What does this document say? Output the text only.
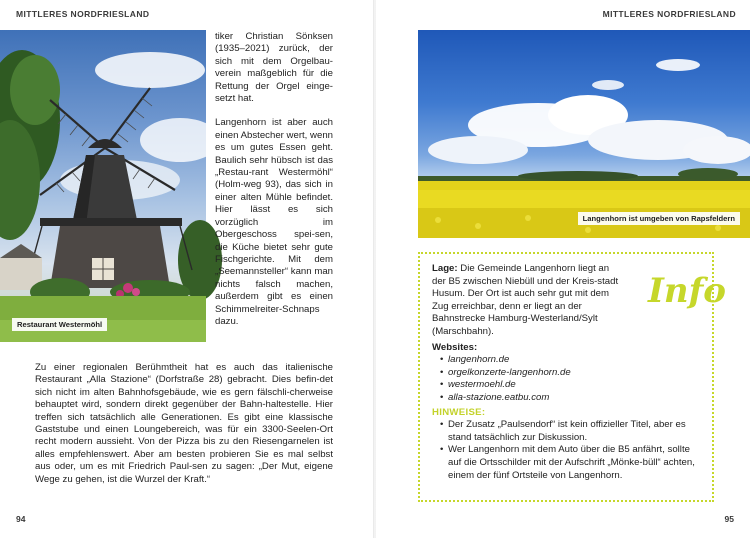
MITTLERES NORDFRIESLAND
Restaurant Westermöhl

tiker Christian Sönksen (1935–2021) zurück, der sich mit dem Orgelbau-verein maßgeblich für die Rettung der Orgel einge-setzt hat.

Langenhorn ist aber auch einen Abstecher wert, wenn es um gutes Essen geht. Baulich sehr hübsch ist das „Restau-rant Westermöhl“ (Holm-weg 93), das sich in einer alten Mühle befindet. Hier lässt es sich vorzüglich im Obergeschoss spei-sen, die Küche bietet sehr gute Fischgerichte. Mit dem „Seemannsteller“ kann man nichts falsch machen, außerdem gibt es einen Schimmelreiter-Schnaps dazu.

Zu einer regionalen Berühmtheit hat es auch das italienische Restaurant „Alla Stazione“ (Dorfstraße 28) gebracht. Dies befin-det sich nicht im alten Bahnhofsgebäude, wie es gern fälschli-cherweise behauptet wird, sondern direkt gegenüber der Bahn-haltestelle. Hier treffen sich tatsächlich alle Generationen. Es gibt eine klassische Gaststube und einen Loungebereich, was für ein 3300-Seelen-Ort recht modern aussieht. Von der Pizza bis zu den Riesengarnelen ist alles empfehlenswert. Aber am besten probieren Sie es mal selbst aus oder, um es mit Friedrich Paul-sen zu sagen: „Der Mut, eigene Wege zu gehen, ist die Wurzel der Kraft.“

94
MITTLERES NORDFRIESLAND
Langenhorn ist umgeben von Rapsfeldern
Info

Lage: Die Gemeinde Langenhorn liegt an der B5 zwischen Niebüll und der Kreis-stadt Husum. Der Ort ist auch sehr gut mit dem Zug erreichbar, denn er liegt an der Bahnstrecke Hamburg-Westerland/Sylt (Marschbahn).

Websites:

• langenhorn.de
• orgelkonzerte-langenhorn.de
• westermoehl.de
• alla-stazione.eatbu.com

HINWEISE:

• Der Zusatz „Paulsendorf“ ist kein offizieller Titel, aber es stand tatsächlich zur Diskussion.
• Wer Langenhorn mit dem Auto über die B5 anfährt, sollte auf die Ortsschilder mit der Aufschrift „Mönke-büll“ achten, einem der fünf Ortsteile von Langenhorn.
95
